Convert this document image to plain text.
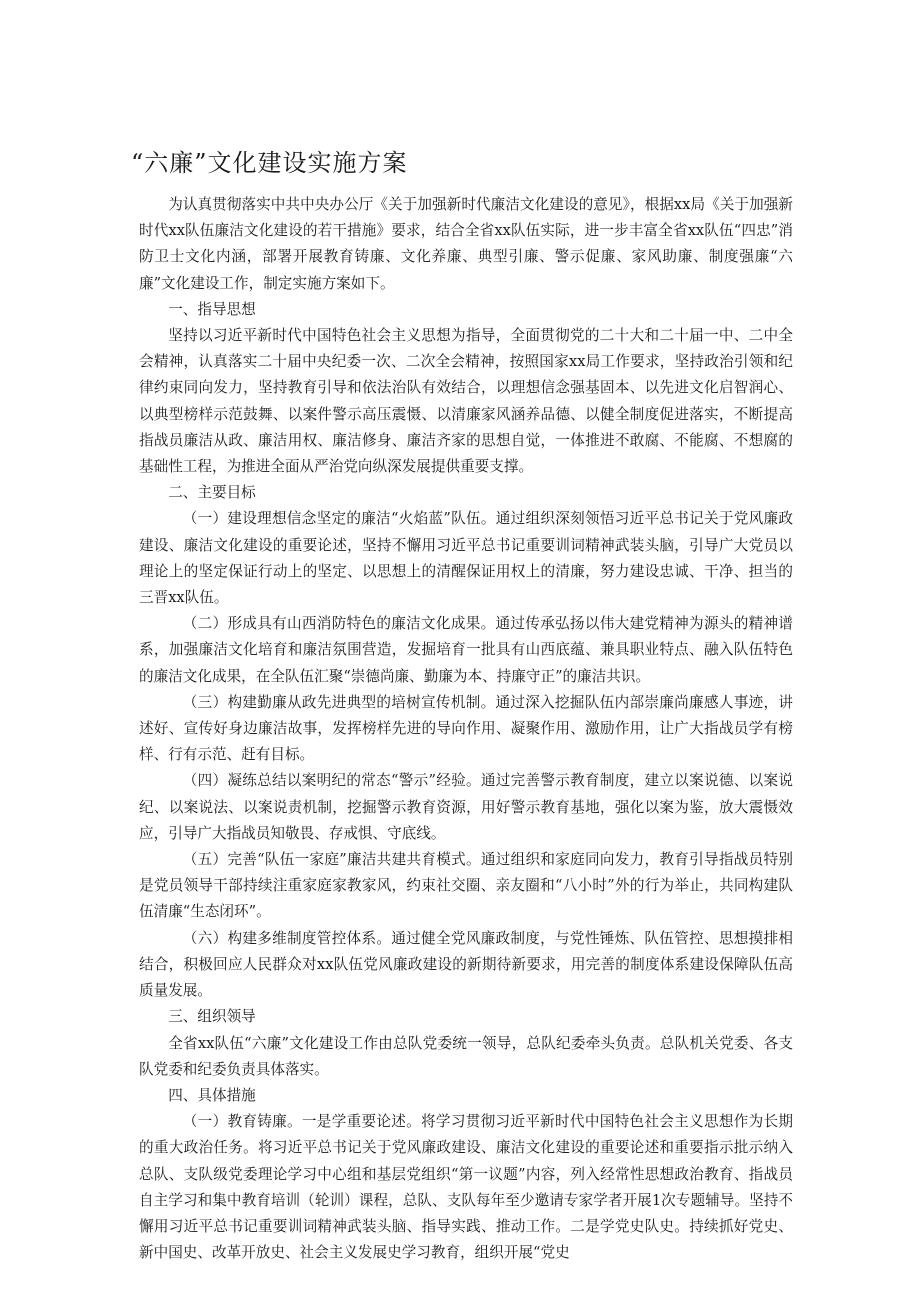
“六廉”文化建设实施方案

为认真贯彻落实中共中央办公厅《关于加强新时代廉洁文化建设的意见》，根据xx局《关于加强新时代xx队伍廉洁文化建设的若干措施》要求，结合全省xx队伍实际，进一步丰富全省xx队伍“四忠”消防卫士文化内涵，部署开展教育铸廉、文化养廉、典型引廉、警示促廉、家风助廉、制度强廉“六廉”文化建设工作，制定实施方案如下。

一、指导思想

坚持以习近平新时代中国特色社会主义思想为指导，全面贯彻党的二十大和二十届一中、二中全会精神，认真落实二十届中央纪委一次、二次全会精神，按照国家xx局工作要求，坚持政治引领和纪律约束同向发力，坚持教育引导和依法治队有效结合，以理想信念强基固本、以先进文化启智润心、以典型榜样示范鼓舞、以案件警示高压震慑、以清廉家风涵养品德、以健全制度促进落实，不断提高指战员廉洁从政、廉洁用权、廉洁修身、廉洁齐家的思想自觉，一体推进不敢腐、不能腐、不想腐的基础性工程，为推进全面从严治党向纵深发展提供重要支撑。

二、主要目标

（一）建设理想信念坚定的廉洁“火焰蓝”队伍。通过组织深刻领悟习近平总书记关于党风廉政建设、廉洁文化建设的重要论述，坚持不懈用习近平总书记重要训词精神武装头脑，引导广大党员以理论上的坚定保证行动上的坚定、以思想上的清醒保证用权上的清廉，努力建设忠诚、干净、担当的三晋xx队伍。

（二）形成具有山西消防特色的廉洁文化成果。通过传承弘扬以伟大建党精神为源头的精神谱系，加强廉洁文化培育和廉洁氛围营造，发掘培育一批具有山西底蕴、兼具职业特点、融入队伍特色的廉洁文化成果，在全队伍汇聚“崇德尚廉、勤廉为本、持廉守正”的廉洁共识。

（三）构建勤廉从政先进典型的培树宣传机制。通过深入挖掘队伍内部崇廉尚廉感人事迹，讲述好、宣传好身边廉洁故事，发挥榜样先进的导向作用、凝聚作用、激励作用，让广大指战员学有榜样、行有示范、赶有目标。

（四）凝练总结以案明纪的常态“警示”经验。通过完善警示教育制度，建立以案说德、以案说纪、以案说法、以案说责机制，挖掘警示教育资源，用好警示教育基地，强化以案为鉴，放大震慑效应，引导广大指战员知敬畏、存戒惧、守底线。

（五）完善“队伍一家庭”廉洁共建共育模式。通过组织和家庭同向发力，教育引导指战员特别是党员领导干部持续注重家庭家教家风，约束社交圈、亲友圈和“八小时”外的行为举止，共同构建队伍清廉“生态闭环”。

（六）构建多维制度管控体系。通过健全党风廉政制度，与党性锤炼、队伍管控、思想摸排相结合，积极回应人民群众对xx队伍党风廉政建设的新期待新要求，用完善的制度体系建设保障队伍高质量发展。

三、组织领导

全省xx队伍“六廉”文化建设工作由总队党委统一领导，总队纪委牵头负责。总队机关党委、各支队党委和纪委负责具体落实。

四、具体措施

（一）教育铸廉。一是学重要论述。将学习贯彻习近平新时代中国特色社会主义思想作为长期的重大政治任务。将习近平总书记关于党风廉政建设、廉洁文化建设的重要论述和重要指示批示纳入总队、支队级党委理论学习中心组和基层党组织“第一议题”内容，列入经常性思想政治教育、指战员自主学习和集中教育培训（轮训）课程，总队、支队每年至少邀请专家学者开展1次专题辅导。坚持不懈用习近平总书记重要训词精神武装头脑、指导实践、推动工作。二是学党史队史。持续抓好党史、新中国史、改革开放史、社会主义发展史学习教育，组织开展“党史
